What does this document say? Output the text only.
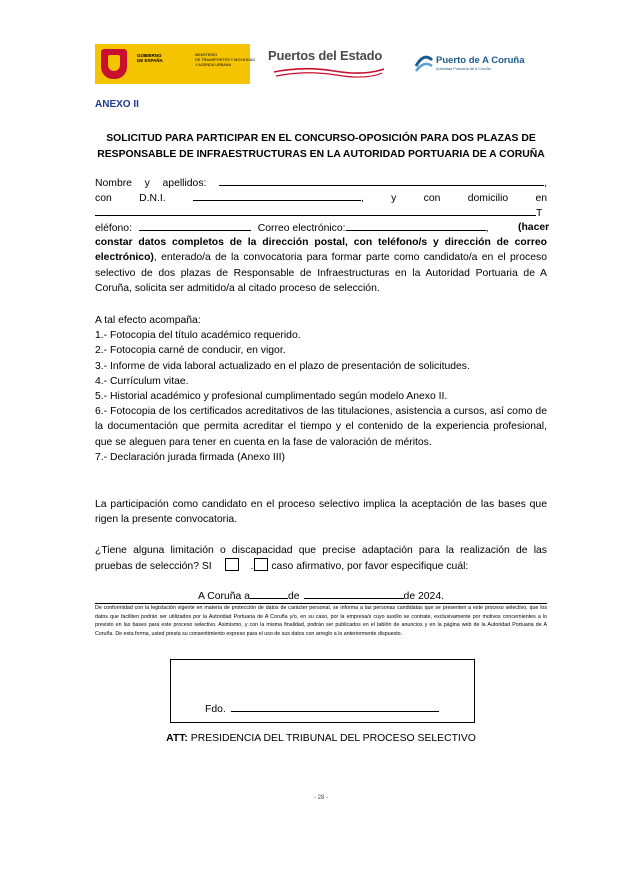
GOBIERNO
DE ESPAÑA
MINISTERIO
DE TRANSPORTES Y MOVILIDAD
Y AGENDA URBANA
Puertos del Estado	Puerto de A Coruña
Autoridad Portuaria de A Coruña
ANEXO II
SOLICITUD PARA PARTICIPAR EN EL CONCURSO-OPOSICIÓN PARA DOS PLAZAS DE RESPONSABLE DE INFRAESTRUCTURAS EN LA AUTORIDAD PORTUARIA DE A CORUÑA
Nombre y apellidos:	,
con	D.N.I.	,	y con	domicilio en
T
eléfono:	Correo electrónico:	,	(hacer constar datos completos de la dirección postal, con teléfono/s y dirección de correo electrónico), enterado/a de la convocatoria para formar parte como candidato/a en el proceso selectivo de dos plazas de Responsable de Infraestructuras en la Autoridad Portuaria de A Coruña, solicita ser admitido/a al citado proceso de selección.
A tal efecto acompaña:
1.- Fotocopia del título académico requerido.
2.- Fotocopia carné de conducir, en vigor.
3.- Informe de vida laboral actualizado en el plazo de presentación de solicitudes.
4.- Currículum vitae.
5.- Historial académico y profesional cumplimentado según modelo Anexo II.
6.- Fotocopia de los certificados acreditativos de las titulaciones, asistencia a cursos, así como de la documentación que permita acreditar el tiempo y el contenido de la experiencia profesional, que se aleguen para tener en cuenta en la fase de valoración de méritos.
7.- Declaración jurada firmada (Anexo III)
La participación como candidato en el proceso selectivo implica la aceptación de las bases que rigen la presente convocatoria.
¿Tiene alguna limitación o discapacidad que precise adaptación para la realización de las
pruebas de selección? SI	. caso afirmativo, por favor especifique cuál:
A Coruña a	de	de 2024.
De conformidad con la legislación vigente en materia de protección de datos de carácter personal, se informa a las personas candidatas que se presenten a este proceso selectivo, que los datos que faciliten podrán ser utilizados por la Autoridad Portuaria de A Coruña y/o, en su caso, por la empresa/s cuyo auxilio se contrate, exclusivamente por motivos concernientes a lo previsto en las bases para este proceso selectivo. Asimismo, y con la misma finalidad, podrán ser publicados en el tablón de anuncios y en la página web de la Autoridad Portuaria de A Coruña. De esta forma, usted presta su consentimiento expreso para el uso de sus datos con arreglo a lo anteriormente dispuesto.
Fdo.
ATT: PRESIDENCIA DEL TRIBUNAL DEL PROCESO SELECTIVO
- 28 -
